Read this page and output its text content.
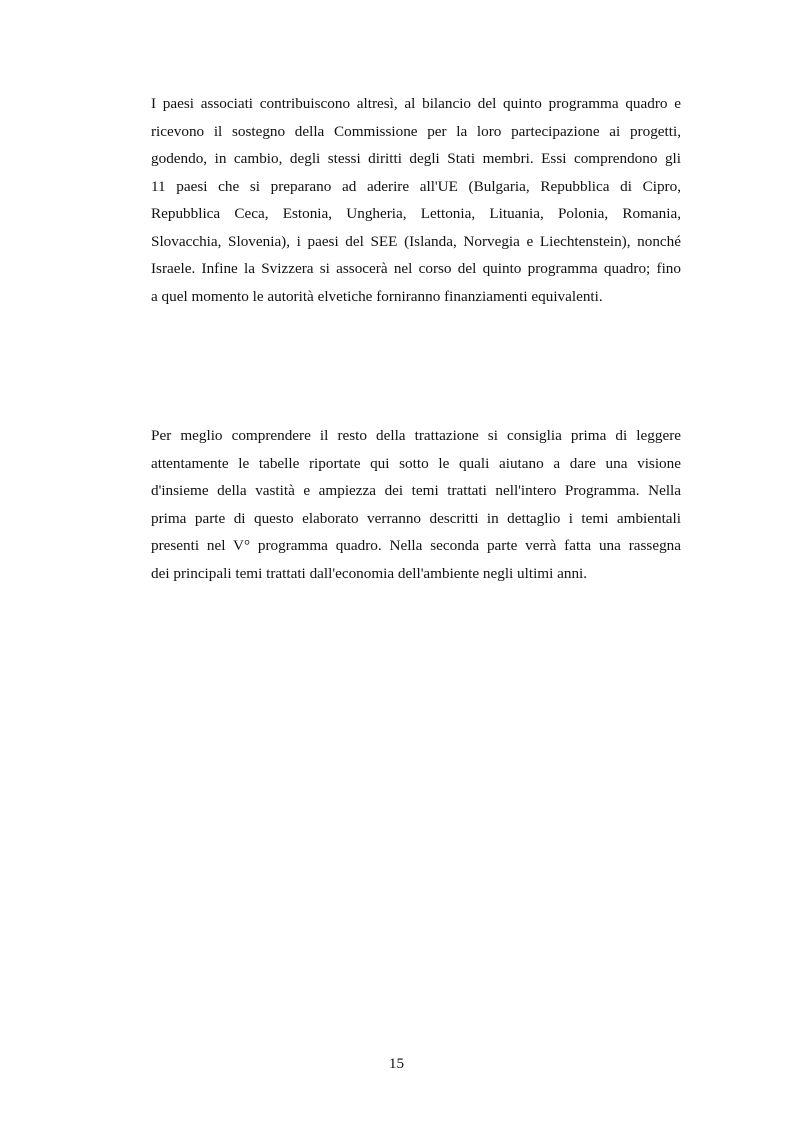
I paesi associati contribuiscono altresì, al bilancio del quinto programma quadro e
ricevono il sostegno della Commissione per la loro partecipazione ai progetti,
godendo, in cambio, degli stessi diritti degli Stati membri. Essi comprendono gli
11 paesi che si preparano ad aderire all'UE (Bulgaria, Repubblica di Cipro,
Repubblica Ceca, Estonia, Ungheria, Lettonia, Lituania, Polonia, Romania,
Slovacchia, Slovenia), i paesi del SEE (Islanda, Norvegia e Liechtenstein), nonché
Israele. Infine la Svizzera si assocerà nel corso del quinto programma quadro; fino
a quel momento le autorità elvetiche forniranno finanziamenti equivalenti.

Per meglio comprendere il resto della trattazione si consiglia prima di leggere
attentamente le tabelle riportate qui sotto le quali aiutano a dare una visione
d'insieme della vastità e ampiezza dei temi trattati nell'intero Programma. Nella
prima parte di questo elaborato verranno descritti in dettaglio i temi ambientali
presenti nel V° programma quadro. Nella seconda parte verrà fatta una rassegna
dei principali temi trattati dall'economia dell'ambiente negli ultimi anni.

15
